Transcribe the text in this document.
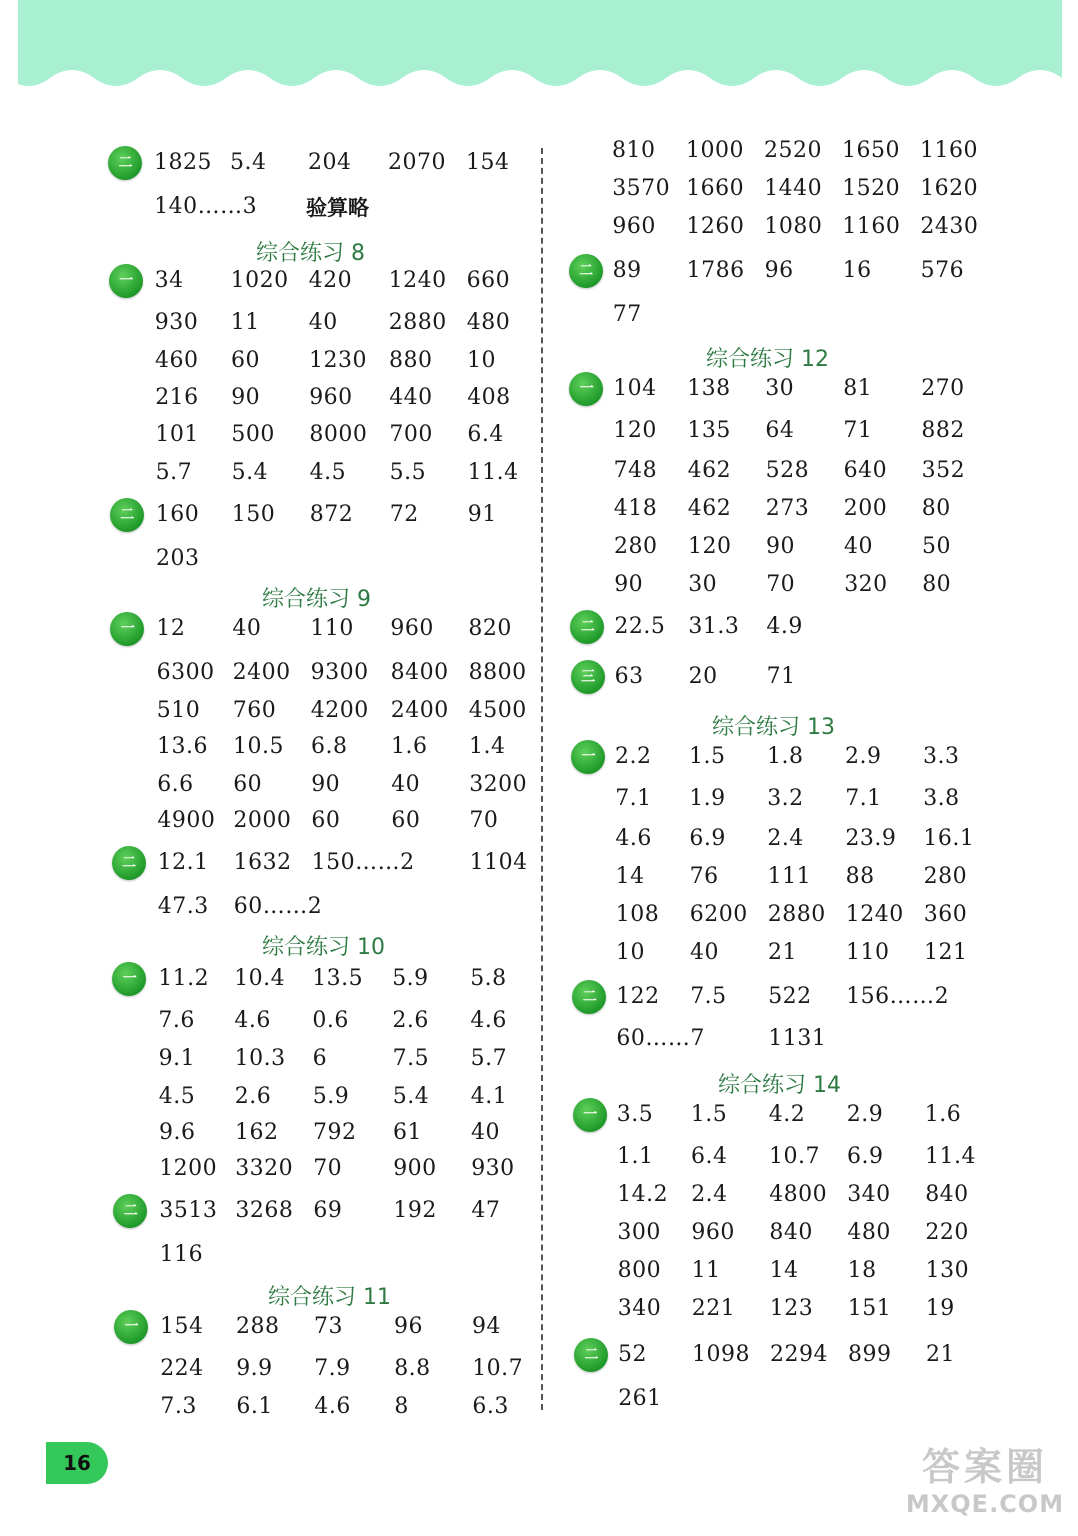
二 1825 5.4 204 2070 154
140……3 验算略
综合练习 8
一 34 1020 420 1240 660
930 11 40 2880 480
460 60 1230 880 10
216 90 960 440 408
101 500 8000 700 6.4
5.7 5.4 4.5 5.5 11.4
二 160 150 872 72 91
203
综合练习 9
一 12 40 110 960 820
6300 2400 9300 8400 8800
510 760 4200 2400 4500
13.6 10.5 6.8 1.6 1.4
6.6 60 90 40 3200
4900 2000 60 60 70
二 12.1 1632 150……2	1104
47.3 60……2
综合练习 10
一 11.2 10.4 13.5 5.9 5.8
7.6 4.6 0.6 2.6 4.6
9.1 10.3 6	7.5 5.7
4.5 2.6 5.9 5.4 4.1
9.6 162 792 61 40
1200 3320 70 900 930
二 3513 3268 69 192 47
116
综合练习 11
一 154 288 73 96 94
224 9.9 7.9 8.8 10.7
7.3 6.1 4.6 8	6.3
810 1000 2520 1650 1160
3570 1660 1440 1520 1620
960 1260 1080 1160 2430
二 89 1786 96 16 576
77
综合练习 12
一 104 138 30 81 270
120 135 64 71 882
748 462 528 640 352
418 462 273 200 80
280 120 90 40 50
90 30 70 320 80
二 22.5 31.3 4.9
三 63 20 71
综合练习 13
一 2.2 1.5 1.8 2.9 3.3
7.1 1.9 3.2 7.1 3.8
4.6 6.9 2.4 23.9 16.1
14 76 111 88 280
108 6200 2880 1240 360
10 40 21 110 121
二 122 7.5 522 156……2
60……7	1131
综合练习 14
一 3.5 1.5 4.2 2.9 1.6
1.1 6.4 10.7 6.9 11.4
14.2 2.4 4800 340 840
300 960 840 480 220
800 11 14 18 130
340 221 123 151 19
二 52 1098 2294 899 21
261
16	答案圈
MXQE.COM
